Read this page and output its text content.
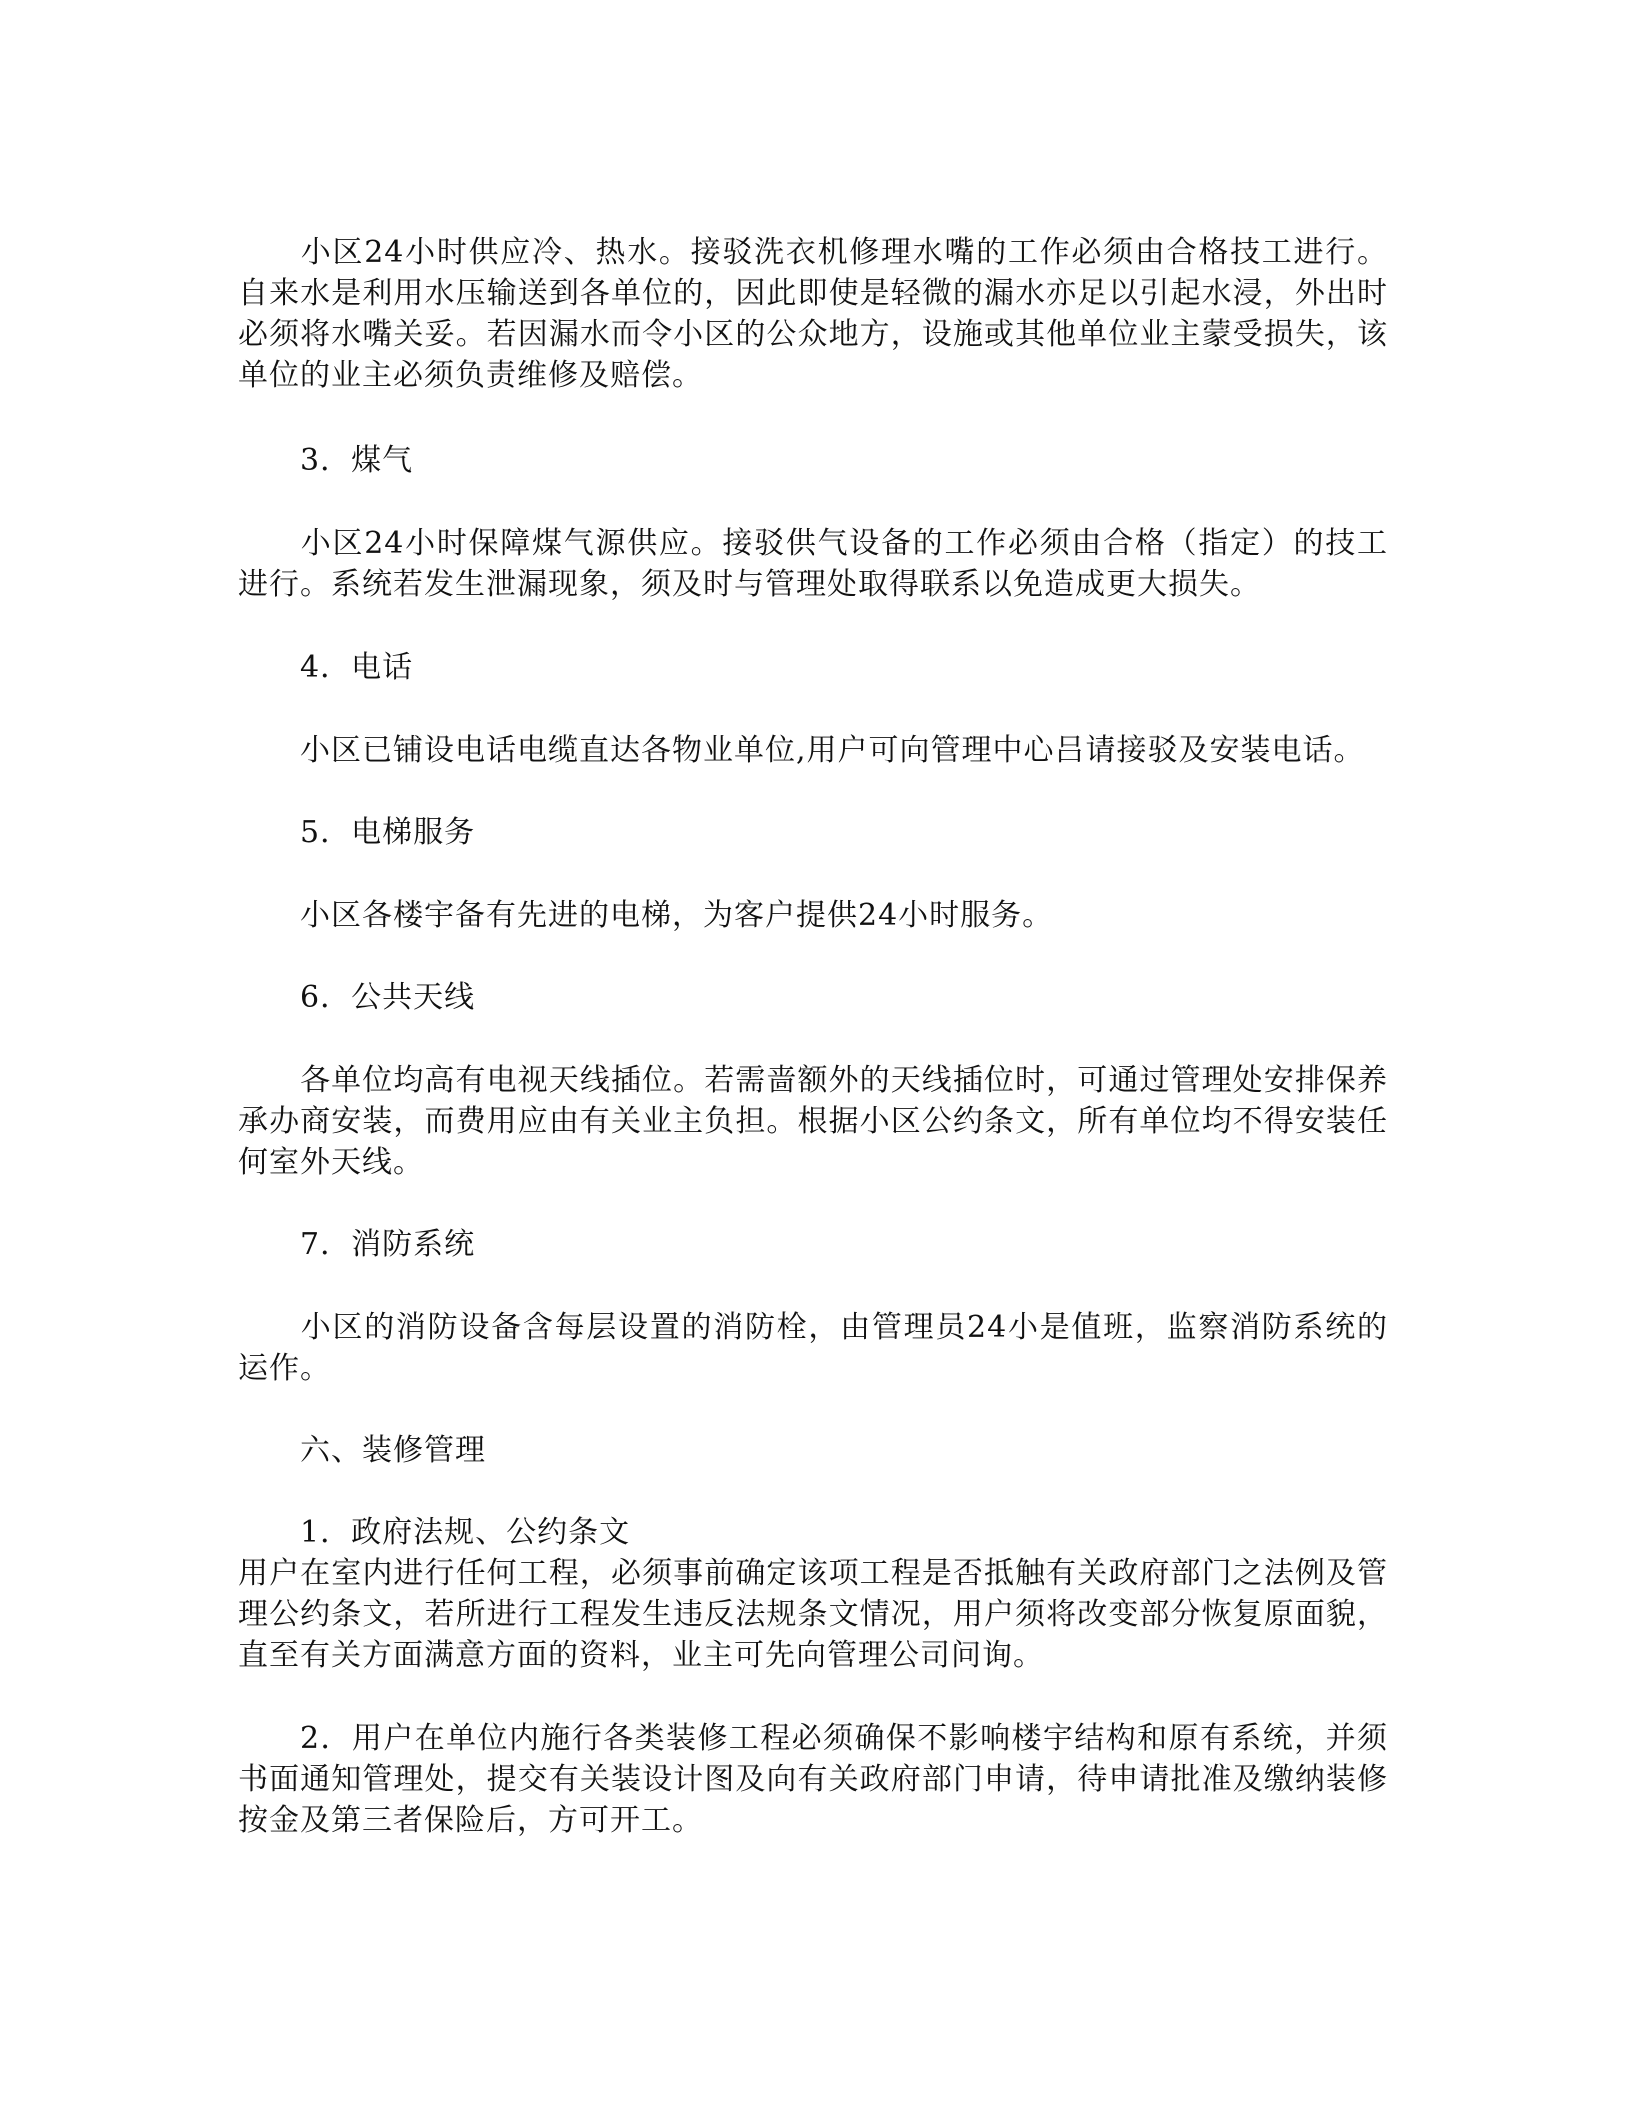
小区24小时供应冷、热水。接驳洗衣机修理水嘴的工作必须由合格技工进行。自来水是利用水压输送到各单位的，因此即使是轻微的漏水亦足以引起水浸，外出时必须将水嘴关妥。若因漏水而令小区的公众地方，设施或其他单位业主蒙受损失，该单位的业主必须负责维修及赔偿。

3．煤气

小区24小时保障煤气源供应。接驳供气设备的工作必须由合格（指定）的技工进行。系统若发生泄漏现象，须及时与管理处取得联系以免造成更大损失。

4．电话

小区已铺设电话电缆直达各物业单位,用户可向管理中心吕请接驳及安装电话。

5．电梯服务

小区各楼宇备有先进的电梯，为客户提供24小时服务。

6．公共天线

各单位均高有电视天线插位。若需啬额外的天线插位时，可通过管理处安排保养承办商安装，而费用应由有关业主负担。根据小区公约条文，所有单位均不得安装任何室外天线。

7．消防系统

小区的消防设备含每层设置的消防栓，由管理员24小是值班，监察消防系统的运作。

六、装修管理

1．政府法规、公约条文

用户在室内进行任何工程，必须事前确定该项工程是否抵触有关政府部门之法例及管理公约条文，若所进行工程发生违反法规条文情况，用户须将改变部分恢复原面貌，直至有关方面满意方面的资料，业主可先向管理公司问询。

2．用户在单位内施行各类装修工程必须确保不影响楼宇结构和原有系统，并须书面通知管理处，提交有关装设计图及向有关政府部门申请，待申请批准及缴纳装修按金及第三者保险后，方可开工。
